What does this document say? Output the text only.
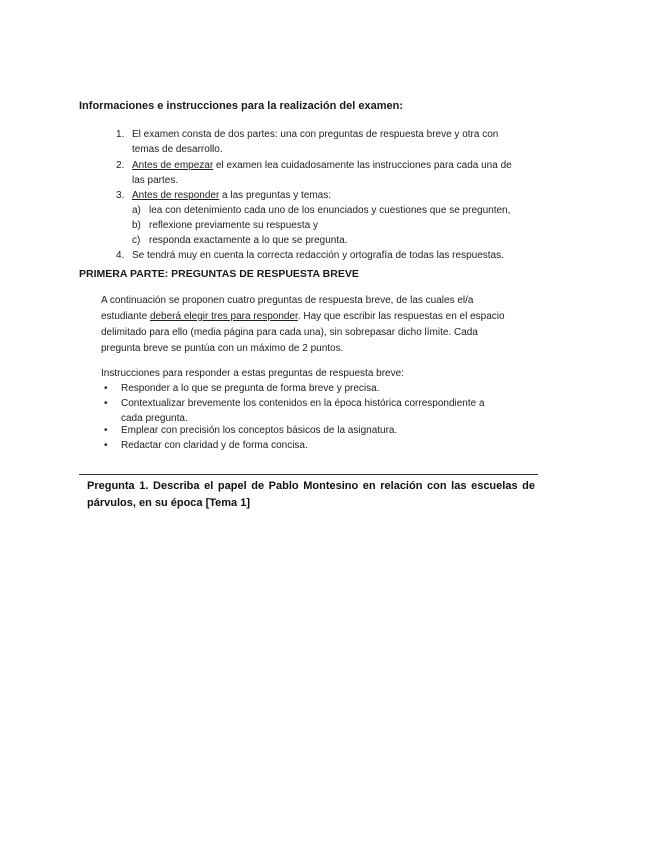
Informaciones e instrucciones para la realización del examen:
1. El examen consta de dos partes: una con preguntas de respuesta breve y otra con
temas de desarrollo.
2. Antes de empezar el examen lea cuidadosamente las instrucciones para cada una de
las partes.
3. Antes de responder a las preguntas y temas:
a) lea con detenimiento cada uno de los enunciados y cuestiones que se pregunten,
b) reflexione previamente su respuesta y
c) responda exactamente a lo que se pregunta.
4. Se tendrá muy en cuenta la correcta redacción y ortografía de todas las respuestas.
PRIMERA PARTE: PREGUNTAS DE RESPUESTA BREVE
A continuación se proponen cuatro preguntas de respuesta breve, de las cuales el/a
estudiante deberá elegir tres para responder. Hay que escribir las respuestas en el espacio
delimitado para ello (media página para cada una), sin sobrepasar dicho límite. Cada
pregunta breve se puntúa con un máximo de 2 puntos.
Instrucciones para responder a estas preguntas de respuesta breve:
• Responder a lo que se pregunta de forma breve y precisa.
• Contextualizar brevemente los contenidos en la época histórica correspondiente a
cada pregunta.
• Emplear con precisión los conceptos básicos de la asignatura.
• Redactar con claridad y de forma concisa.
Pregunta 1. Describa el papel de Pablo Montesino en relación con las escuelas de párvulos, en su época [Tema 1]
